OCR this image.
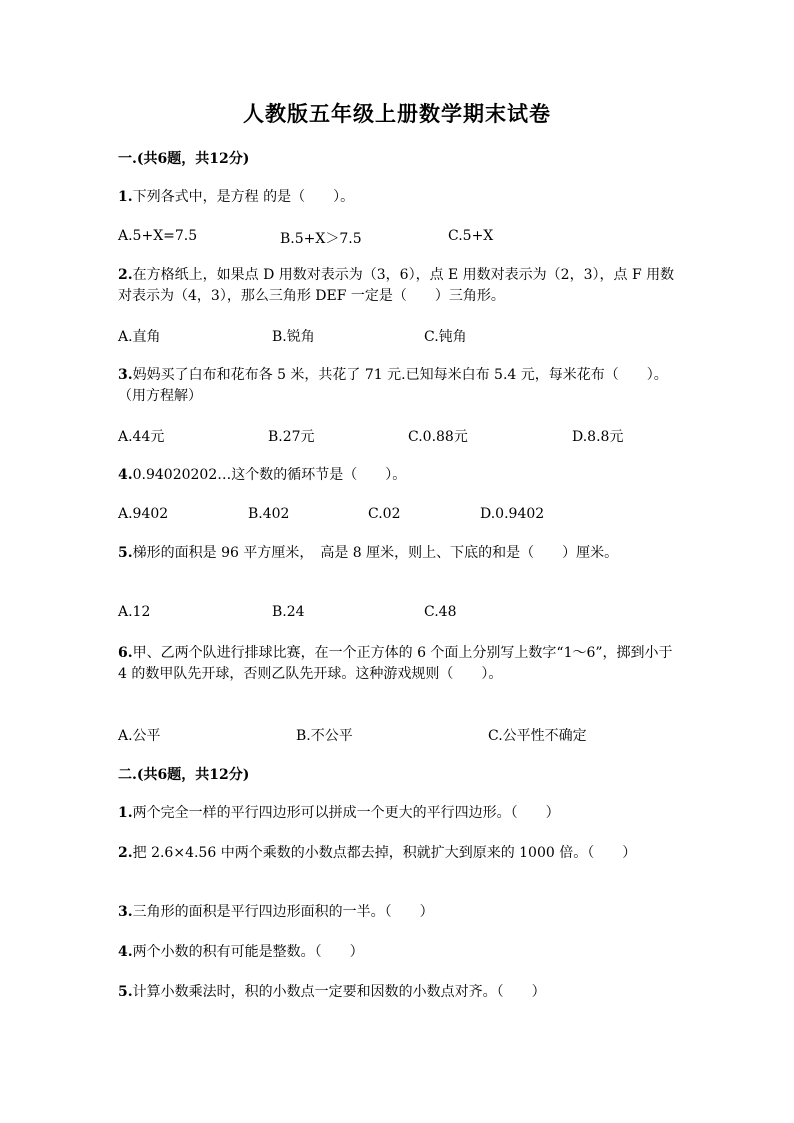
人教版五年级上册数学期末试卷
一.(共6题，共12分)
1.下列各式中，是方程 的是（　　）。
A.5+X=7.5	B.5+X＞7.5	C.5+X
2.在方格纸上，如果点 D 用数对表示为（3，6），点 E 用数对表示为（2，3），点 F 用数对表示为（4，3），那么三角形 DEF 一定是（　　）三角形。
A.直角	B.锐角	C.钝角
3.妈妈买了白布和花布各 5 米，共花了 71 元.已知每米白布 5.4 元，每米花布（　　）。（用方程解）
A.44元	B.27元	C.0.88元	D.8.8元
4.0.94020202…这个数的循环节是（　　）。
A.9402	B.402	C.02	D.0.9402
5.梯形的面积是 96 平方厘米，　高是 8 厘米，则上、下底的和是（　　）厘米。
A.12	B.24	C.48
6.甲、乙两个队进行排球比赛，在一个正方体的 6 个面上分别写上数字“1～6”，掷到小于 4 的数甲队先开球，否则乙队先开球。这种游戏规则（　　）。
A.公平	B.不公平	C.公平性不确定
二.(共6题，共12分)
1.两个完全一样的平行四边形可以拼成一个更大的平行四边形。（　　）
2.把 2.6×4.56 中两个乘数的小数点都去掉，积就扩大到原来的 1000 倍。（　　）
3.三角形的面积是平行四边形面积的一半。（　　）
4.两个小数的积有可能是整数。（　　）
5.计算小数乘法时，积的小数点一定要和因数的小数点对齐。（　　）
